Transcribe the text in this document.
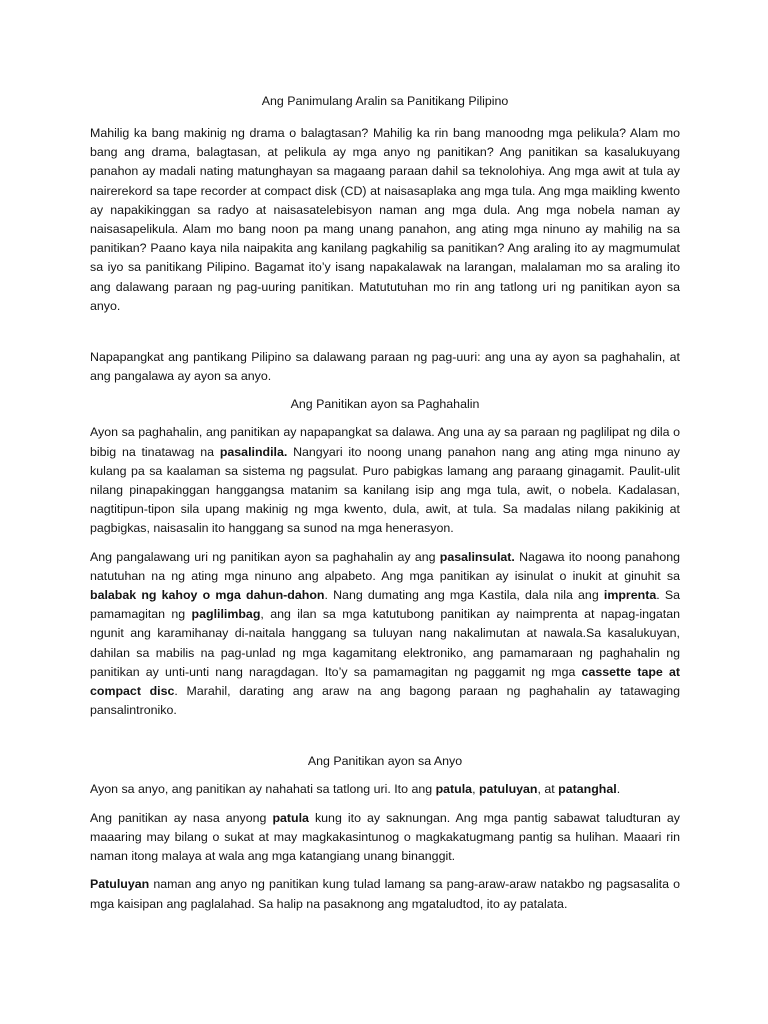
Ang Panimulang Aralin sa Panitikang Pilipino

Mahilig ka bang makinig ng drama o balagtasan? Mahilig ka rin bang manoodng mga pelikula? Alam mo bang ang drama, balagtasan, at pelikula ay mga anyo ng panitikan? Ang panitikan sa kasalukuyang panahon ay madali nating matunghayan sa magaang paraan dahil sa teknolohiya. Ang mga awit at tula ay nairerekord sa tape recorder at compact disk (CD) at naisasaplaka ang mga tula. Ang mga maikling kwento ay napakikinggan sa radyo at naisasatelebisyon naman ang mga dula. Ang mga nobela naman ay naisasapelikula. Alam mo bang noon pa mang unang panahon, ang ating mga ninuno ay mahilig na sa panitikan? Paano kaya nila naipakita ang kanilang pagkahilig sa panitikan? Ang araling ito ay magmumulat sa iyo sa panitikang Pilipino. Bagamat ito’y isang napakalawak na larangan, malalaman mo sa araling ito ang dalawang paraan ng pag-uuring panitikan. Matututuhan mo rin ang tatlong uri ng panitikan ayon sa anyo.

Napapangkat ang pantikang Pilipino sa dalawang paraan ng pag-uuri: ang una ay ayon sa paghahalin, at ang pangalawa ay ayon sa anyo.

Ang Panitikan ayon sa Paghahalin

Ayon sa paghahalin, ang panitikan ay napapangkat sa dalawa. Ang una ay sa paraan ng paglilipat ng dila o bibig na tinatawag na pasalindila. Nangyari ito noong unang panahon nang ang ating mga ninuno ay kulang pa sa kaalaman sa sistema ng pagsulat. Puro pabigkas lamang ang paraang ginagamit. Paulit-ulit nilang pinapakinggan hanggangsa matanim sa kanilang isip ang mga tula, awit, o nobela. Kadalasan, nagtitipun-tipon sila upang makinig ng mga kwento, dula, awit, at tula. Sa madalas nilang pakikinig at pagbigkas, naisasalin ito hanggang sa sunod na mga henerasyon.

Ang pangalawang uri ng panitikan ayon sa paghahalin ay ang pasalinsulat. Nagawa ito noong panahong natutuhan na ng ating mga ninuno ang alpabeto. Ang mga panitikan ay isinulat o inukit at ginuhit sa balabak ng kahoy o mga dahun-dahon. Nang dumating ang mga Kastila, dala nila ang imprenta. Sa pamamagitan ng paglilimbag, ang ilan sa mga katutubong panitikan ay naimprenta at napag-ingatan ngunit ang karamihanay di-naitala hanggang sa tuluyan nang nakalimutan at nawala.Sa kasalukuyan, dahilan sa mabilis na pag-unlad ng mga kagamitang elektroniko, ang pamamaraan ng paghahalin ng panitikan ay unti-unti nang naragdagan. Ito’y sa pamamagitan ng paggamit ng mga cassette tape at compact disc. Marahil, darating ang araw na ang bagong paraan ng paghahalin ay tatawaging pansalintroniko.

Ang Panitikan ayon sa Anyo

Ayon sa anyo, ang panitikan ay nahahati sa tatlong uri. Ito ang patula, patuluyan, at patanghal.

Ang panitikan ay nasa anyong patula kung ito ay saknungan. Ang mga pantig sabawat taludturan ay maaaring may bilang o sukat at may magkakasintunog o magkakatugmang pantig sa hulihan. Maaari rin naman itong malaya at wala ang mga katangiang unang binanggit.

Patuluyan naman ang anyo ng panitikan kung tulad lamang sa pang-araw-araw natakbo ng pagsasalita o mga kaisipan ang paglalahad. Sa halip na pasaknong ang mgataludtod, ito ay patalata.
